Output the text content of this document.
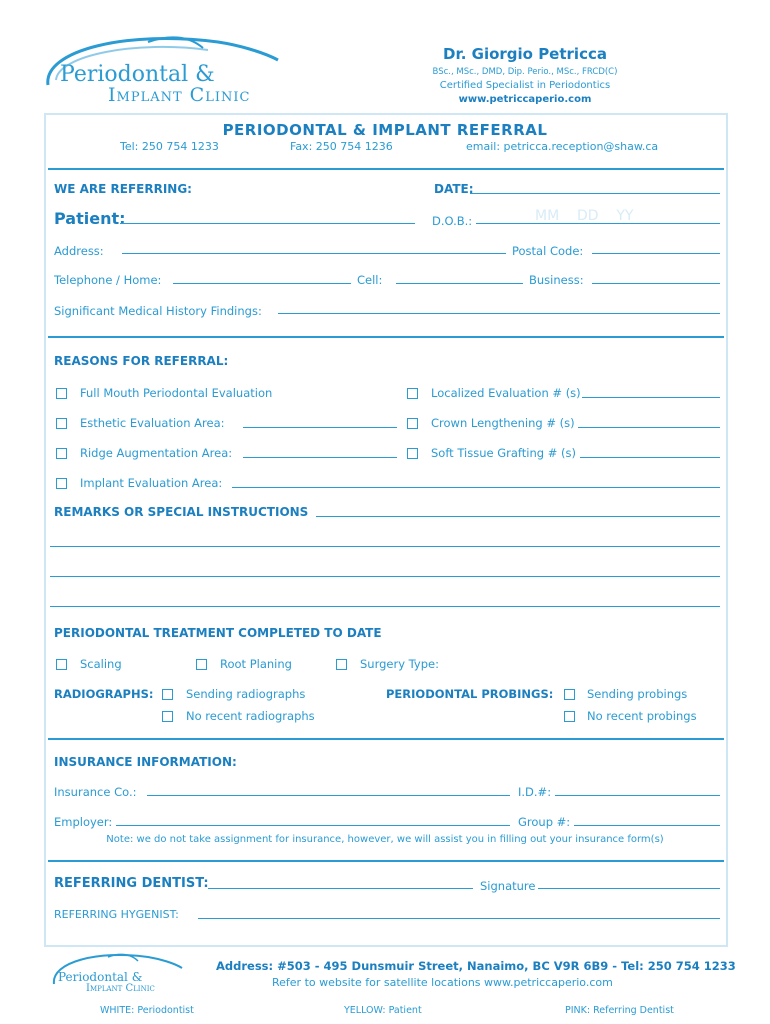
Periodontal &
Implant Clinic
Dr. Giorgio Petricca
BSc., MSc., DMD, Dip. Perio., MSc., FRCD(C)
Certified Specialist in Periodontics
www.petriccaperio.com
PERIODONTAL & IMPLANT REFERRAL
Tel: 250 754 1233	Fax: 250 754 1236	email: petricca.reception@shaw.ca
WE ARE REFERRING:	DATE:
Patient:	D.O.B.:	MM    DD    YY
Address:	Postal Code:
Telephone / Home:	Cell:	Business:
Significant Medical History Findings:
REASONS FOR REFERRAL:
Full Mouth Periodontal Evaluation	Localized Evaluation # (s)
Esthetic Evaluation Area:	Crown Lengthening # (s)
Ridge Augmentation Area:	Soft Tissue Grafting # (s)
Implant Evaluation Area:
REMARKS OR SPECIAL INSTRUCTIONS
PERIODONTAL TREATMENT COMPLETED TO DATE
Scaling	Root Planing	Surgery Type:
RADIOGRAPHS:	Sending radiographs
No recent radiographs
PERIODONTAL PROBINGS:	Sending probings
No recent probings
INSURANCE INFORMATION:
Insurance Co.:	I.D.#:
Employer:	Group #:
Note: we do not take assignment for insurance, however, we will assist you in filling out your insurance form(s)
REFERRING DENTIST:	Signature
REFERRING HYGENIST:
Periodontal &
Implant Clinic
Address: #503 - 495 Dunsmuir Street, Nanaimo, BC V9R 6B9 - Tel: 250 754 1233
Refer to website for satellite locations www.petriccaperio.com
WHITE: Periodontist	YELLOW: Patient	PINK: Referring Dentist
